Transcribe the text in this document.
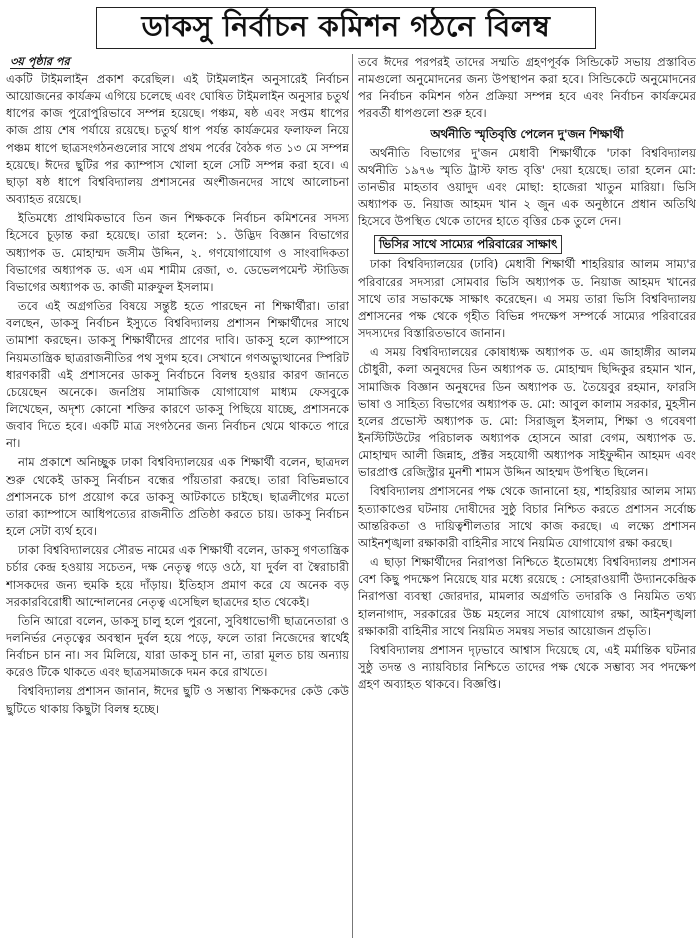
ডাকসু নির্বাচন কমিশন গঠনে বিলম্ব
৩য় পৃষ্ঠার পর

একটি টাইমলাইন প্রকাশ করেছিল। এই টাইমলাইন অনুসারেই নির্বাচন আয়োজনের কার্যক্রম এগিয়ে চলেছে এবং ঘোষিত টাইমলাইন অনুসার চতুর্থ ধাপের কাজ পুরোপুরিভাবে সম্পন্ন হয়েছে। পঞ্চম, ষষ্ঠ এবং সপ্তম ধাপের কাজ প্রায় শেষ পর্যায়ে রয়েছে। চতুর্থ ধাপ পর্যন্ত কার্যক্রমের ফলাফল নিয়ে পঞ্চম ধাপে ছাত্রসংগঠনগুলোর সাথে প্রথম পর্বের বৈঠক গত ১৩ মে সম্পন্ন হয়েছে। ঈদের ছুটির পর ক্যাম্পাস খোলা হলে সেটি সম্পন্ন করা হবে। এ ছাড়া ষষ্ঠ ধাপে বিশ্ববিদ্যালয় প্রশাসনের অংশীজনদের সাথে আলোচনা অব্যাহত রয়েছে।

ইতিমধ্যে প্রাথমিকভাবে তিন জন শিক্ষককে নির্বাচন কমিশনের সদস্য হিসেবে চূড়ান্ত করা হয়েছে। তারা হলেন: ১. উদ্ভিদ বিজ্ঞান বিভাগের অধ্যাপক ড. মোহাম্মদ জসীম উদ্দিন, ২. গণযোগাযোগ ও সাংবাদিকতা বিভাগের অধ্যাপক ড. এস এম শামীম রেজা, ৩. ডেভেলপমেন্ট স্টাডিজ বিভাগের অধ্যাপক ড. কাজী মারুফুল ইসলাম।

তবে এই অগ্রগতির বিষয়ে সন্তুষ্ট হতে পারছেন না শিক্ষার্থীরা। তারা বলছেন, ডাকসু নির্বাচন ইস্যুতে বিশ্ববিদ্যালয় প্রশাসন শিক্ষার্থীদের সাথে তামাশা করছেন। ডাকসু শিক্ষার্থীদের প্রাণের দাবি। ডাকসু হলে ক্যাম্পাসে নিয়মতান্ত্রিক ছাত্ররাজনীতির পথ সুগম হবে। সেখানে গণঅভ্যুত্থানের স্পিরিট ধারণকারী এই প্রশাসনের ডাকসু নির্বাচনে বিলম্ব হওয়ার কারণ জানতে চেয়েছেন অনেকে। জনপ্রিয় সামাজিক যোগাযোগ মাধ্যম ফেসবুকে লিখেছেন, অদৃশ্য কোনো শক্তির কারণে ডাকসু পিছিয়ে যাচ্ছে, প্রশাসনকে জবাব দিতে হবে। একটি মাত্র সংগঠনের জন্য নির্বাচন থেমে থাকতে পারে না।

নাম প্রকাশে অনিচ্ছুক ঢাকা বিশ্ববিদ্যালয়ের এক শিক্ষার্থী বলেন, ছাত্রদল শুরু থেকেই ডাকসু নির্বাচন বন্ধের পাঁয়তারা করছে। তারা বিভিন্নভাবে প্রশাসনকে চাপ প্রয়োগ করে ডাকসু আটকাতে চাইছে। ছাত্রলীগের মতো তারা ক্যাম্পাসে আধিপত্যের রাজনীতি প্রতিষ্ঠা করতে চায়। ডাকসু নির্বাচন হলে সেটা ব্যর্থ হবে।

ঢাকা বিশ্ববিদ্যালয়ের সৌরভ নামের এক শিক্ষার্থী বলেন, ডাকসু গণতান্ত্রিক চর্চার কেন্দ্র হওয়ায় সচেতন, দক্ষ নেতৃত্ব গড়ে ওঠে, যা দুর্বল বা স্বৈরাচারী শাসকদের জন্য হুমকি হয়ে দাঁড়ায়। ইতিহাস প্রমাণ করে যে অনেক বড় সরকারবিরোধী আন্দোলনের নেতৃত্ব এসেছিল ছাত্রদের হাত থেকেই।

তিনি আরো বলেন, ডাকসু চালু হলে পুরনো, সুবিধাভোগী ছাত্রনেতারা ও দলনির্ভর নেতৃত্বের অবস্থান দুর্বল হয়ে পড়ে, ফলে তারা নিজেদের স্বার্থেই নির্বাচন চান না। সব মিলিয়ে, যারা ডাকসু চান না, তারা মূলত চায় অন্যায় করেও টিকে থাকতে এবং ছাত্রসমাজকে দমন করে রাখতে।

বিশ্ববিদ্যালয় প্রশাসন জানান, ঈদের ছুটি ও সম্ভাব্য শিক্ষকদের কেউ কেউ ছুটিতে থাকায় কিছুটা বিলম্ব হচ্ছে।

তবে ঈদের পরপরই তাদের সম্মতি গ্রহণপূর্বক সিন্ডিকেট সভায় প্রস্তাবিত নামগুলো অনুমোদনের জন্য উপস্থাপন করা হবে। সিন্ডিকেটে অনুমোদনের পর নির্বাচন কমিশন গঠন প্রক্রিয়া সম্পন্ন হবে এবং নির্বাচন কার্যক্রমের পরবর্তী ধাপগুলো শুরু হবে।

অর্থনীতি স্মৃতিবৃত্তি পেলেন দু'জন শিক্ষার্থী

অর্থনীতি বিভাগের দু'জন মেধাবী শিক্ষার্থীকে 'ঢাকা বিশ্ববিদ্যালয় অর্থনীতি ১৯৭৬ স্মৃতি ট্রাস্ট ফান্ড বৃত্তি' দেয়া হয়েছে। তারা হলেন মো: তানভীর মাহতাব ওয়াদুদ এবং মোছা: হাজেরা খাতুন মারিয়া। ভিসি অধ্যাপক ড. নিয়াজ আহমদ খান ২ জুন এক অনুষ্ঠানে প্রধান অতিথি হিসেবে উপস্থিত থেকে তাদের হাতে বৃত্তির চেক তুলে দেন।

ভিসির সাথে সাম্যের পরিবারের সাক্ষাৎ

ঢাকা বিশ্ববিদ্যালয়ের (ঢাবি) মেধাবী শিক্ষার্থী শাহরিয়ার আলম সাম্য'র পরিবারের সদস্যরা সোমবার ভিসি অধ্যাপক ড. নিয়াজ আহমদ খানের সাথে তার সভাকক্ষে সাক্ষাৎ করেছেন। এ সময় তারা ভিসি বিশ্ববিদ্যালয় প্রশাসনের পক্ষ থেকে গৃহীত বিভিন্ন পদক্ষেপ সম্পর্কে সাম্যের পরিবারের সদস্যদের বিস্তারিতভাবে জানান।

এ সময় বিশ্ববিদ্যালয়ের কোষাধ্যক্ষ অধ্যাপক ড. এম জাহাঙ্গীর আলম চৌধুরী, কলা অনুষদের ডিন অধ্যাপক ড. মোহাম্মদ ছিদ্দিকুর রহমান খান, সামাজিক বিজ্ঞান অনুষদের ডিন অধ্যাপক ড. তৈয়েবুর রহমান, ফারসি ভাষা ও সাহিত্য বিভাগের অধ্যাপক ড. মো: আবুল কালাম সরকার, মুহসীন হলের প্রভোস্ট অধ্যাপক ড. মো: সিরাজুল ইসলাম, শিক্ষা ও গবেষণা ইনস্টিটিউটের পরিচালক অধ্যাপক হোসনে আরা বেগম, অধ্যাপক ড. মোহাম্মদ আলী জিন্নাহ, প্রক্টর সহযোগী অধ্যাপক সাইফুদ্দীন আহমদ এবং ভারপ্রাপ্ত রেজিস্ট্রার মুনশী শামস উদ্দিন আহম্মদ উপস্থিত ছিলেন।

বিশ্ববিদ্যালয় প্রশাসনের পক্ষ থেকে জানানো হয়, শাহরিয়ার আলম সাম্য হত্যাকাণ্ডের ঘটনায় দোষীদের সুষ্ঠু বিচার নিশ্চিত করতে প্রশাসন সর্বোচ্চ আন্তরিকতা ও দায়িত্বশীলতার সাথে কাজ করছে। এ লক্ষ্যে প্রশাসন আইনশৃঙ্খলা রক্ষাকারী বাহিনীর সাথে নিয়মিত যোগাযোগ রক্ষা করছে।

এ ছাড়া শিক্ষার্থীদের নিরাপত্তা নিশ্চিতে ইতোমধ্যে বিশ্ববিদ্যালয় প্রশাসন বেশ কিছু পদক্ষেপ নিয়েছে যার মধ্যে রয়েছে : সোহরাওয়ার্দী উদ্যানকেন্দ্রিক নিরাপত্তা ব্যবস্থা জোরদার, মামলার অগ্রগতি তদারকি ও নিয়মিত তথ্য হালনাগাদ, সরকারের উচ্চ মহলের সাথে যোগাযোগ রক্ষা, আইনশৃঙ্খলা রক্ষাকারী বাহিনীর সাথে নিয়মিত সমন্বয় সভার আয়োজন প্রভৃতি।

বিশ্ববিদ্যালয় প্রশাসন দৃঢ়ভাবে আশ্বাস দিয়েছে যে, এই মর্মান্তিক ঘটনার সুষ্ঠু তদন্ত ও ন্যায়বিচার নিশ্চিতে তাদের পক্ষ থেকে সম্ভাব্য সব পদক্ষেপ গ্রহণ অব্যাহত থাকবে। বিজ্ঞপ্তি।
